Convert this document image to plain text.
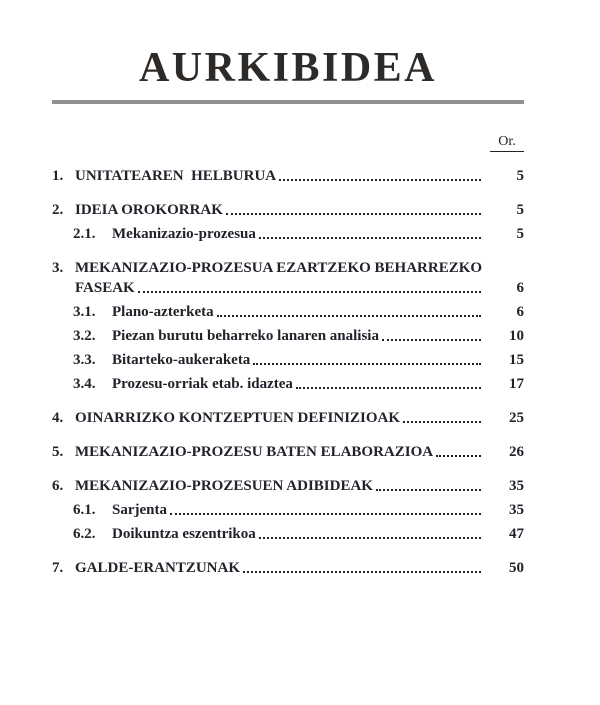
AURKIBIDEA
Or.
1. UNITATEAREN  HELBURUA	5
2. IDEIA OROKORRAK	5
2.1.	Mekanizazio-prozesua	5
3. MEKANIZAZIO-PROZESUA EZARTZEKO BEHARREZKO
FASEAK	6
3.1.	Plano-azterketa	6
3.2.	Piezan burutu beharreko lanaren analisia	10
3.3.	Bitarteko-aukeraketa	15
3.4.	Prozesu-orriak etab. idaztea	17
4. OINARRIZKO KONTZEPTUEN DEFINIZIOAK	25
5. MEKANIZAZIO-PROZESU BATEN ELABORAZIOA	26
6. MEKANIZAZIO-PROZESUEN ADIBIDEAK	35
6.1.	Sarjenta	35
6.2.	Doikuntza eszentrikoa	47
7. GALDE-ERANTZUNAK	50
